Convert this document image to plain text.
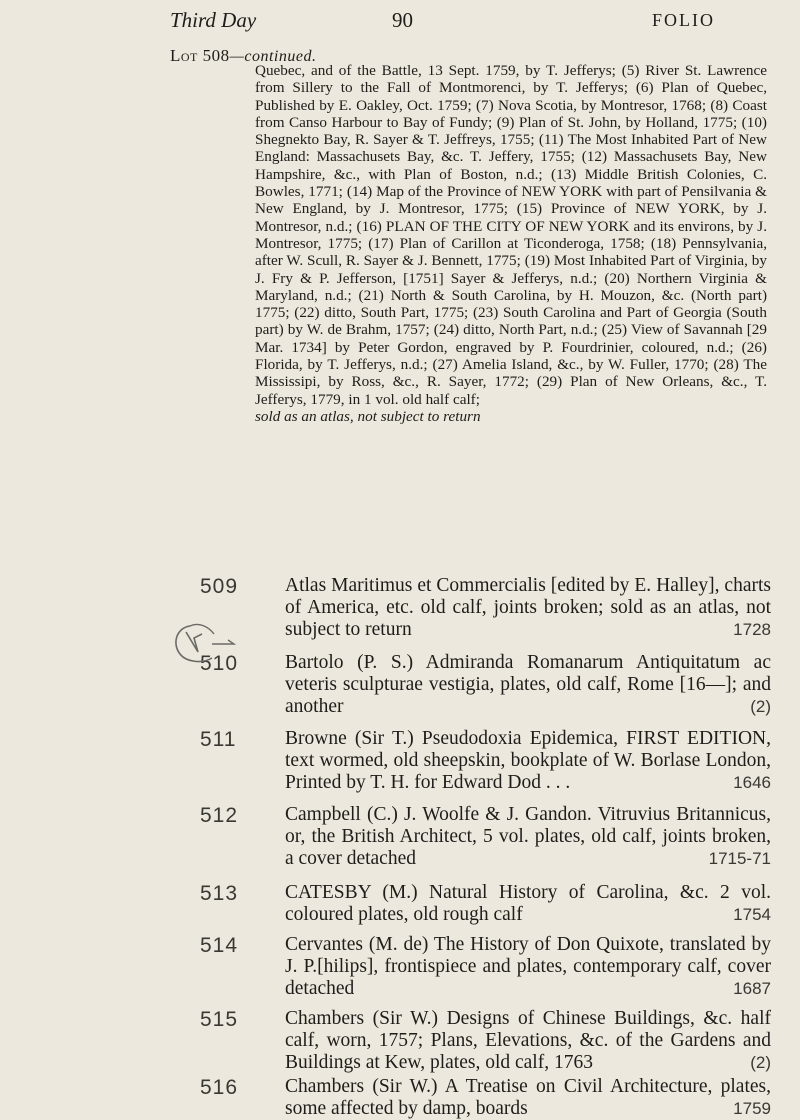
Third Day	90	FOLIO
Lot 508—continued.

Quebec, and of the Battle, 13 Sept. 1759, by T. Jefferys; (5) River St. Lawrence from Sillery to the Fall of Montmorenci, by T. Jefferys; (6) Plan of Quebec, Published by E. Oakley, Oct. 1759; (7) Nova Scotia, by Montresor, 1768; (8) Coast from Canso Harbour to Bay of Fundy; (9) Plan of St. John, by Holland, 1775; (10) Shegnekto Bay, R. Sayer & T. Jeffreys, 1755; (11) The Most Inhabited Part of New England: Massachusets Bay, &c. T. Jeffery, 1755; (12) Massachusets Bay, New Hampshire, &c., with Plan of Boston, n.d.; (13) Middle British Colonies, C. Bowles, 1771; (14) Map of the Province of NEW YORK with part of Pensilvania & New England, by J. Montresor, 1775; (15) Province of NEW YORK, by J. Montresor, n.d.; (16) PLAN OF THE CITY OF NEW YORK and its environs, by J. Montresor, 1775; (17) Plan of Carillon at Ticonderoga, 1758; (18) Pennsylvania, after W. Scull, R. Sayer & J. Bennett, 1775; (19) Most Inhabited Part of Virginia, by J. Fry & P. Jefferson, [1751] Sayer & Jefferys, n.d.; (20) Northern Virginia & Maryland, n.d.; (21) North & South Carolina, by H. Mouzon, &c. (North part) 1775; (22) ditto, South Part, 1775; (23) South Carolina and Part of Georgia (South part) by W. de Brahm, 1757; (24) ditto, North Part, n.d.; (25) View of Savannah [29 Mar. 1734] by Peter Gordon, engraved by P. Fourdrinier, coloured, n.d.; (26) Florida, by T. Jefferys, n.d.; (27) Amelia Island, &c., by W. Fuller, 1770; (28) The Mississipi, by Ross, &c., R. Sayer, 1772; (29) Plan of New Orleans, &c., T. Jefferys, 1779, in 1 vol. old half calf;

sold as an atlas, not subject to return
509 Atlas Maritimus et Commercialis [edited by E. Halley], charts of America, etc. old calf, joints broken; sold as an atlas, not subject to return	1728
510 Bartolo (P. S.) Admiranda Romanarum Antiquitatum ac veteris sculpturae vestigia, plates, old calf, Rome [16—]; and another	(2)
511 Browne (Sir T.) Pseudodoxia Epidemica, FIRST EDITION, text wormed, old sheepskin, bookplate of W. Borlase London, Printed by T. H. for Edward Dod . . .	1646
512 Campbell (C.) J. Woolfe & J. Gandon. Vitruvius Britannicus, or, the British Architect, 5 vol. plates, old calf, joints broken, a cover detached	1715-71
513 CATESBY (M.) Natural History of Carolina, &c. 2 vol. coloured plates, old rough calf	1754
514 Cervantes (M. de) The History of Don Quixote, translated by J. P.[hilips], frontispiece and plates, contemporary calf, cover detached	1687
515 Chambers (Sir W.) Designs of Chinese Buildings, &c. half calf, worn, 1757; Plans, Elevations, &c. of the Gardens and Buildings at Kew, plates, old calf, 1763	(2)
516 Chambers (Sir W.) A Treatise on Civil Architecture, plates, some affected by damp, boards	1759
